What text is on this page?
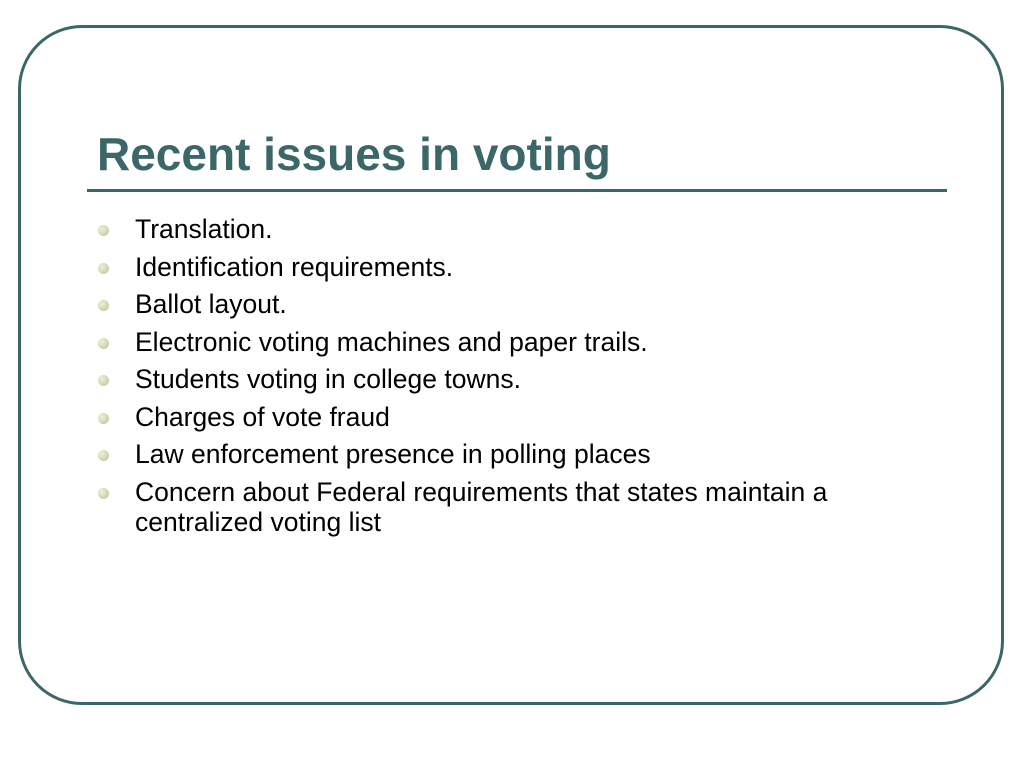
Recent issues in voting
Translation.
Identification requirements.
Ballot layout.
Electronic voting machines and paper trails.
Students voting in college towns.
Charges of vote fraud
Law enforcement presence in polling places
Concern about Federal requirements that states maintain a centralized voting list
